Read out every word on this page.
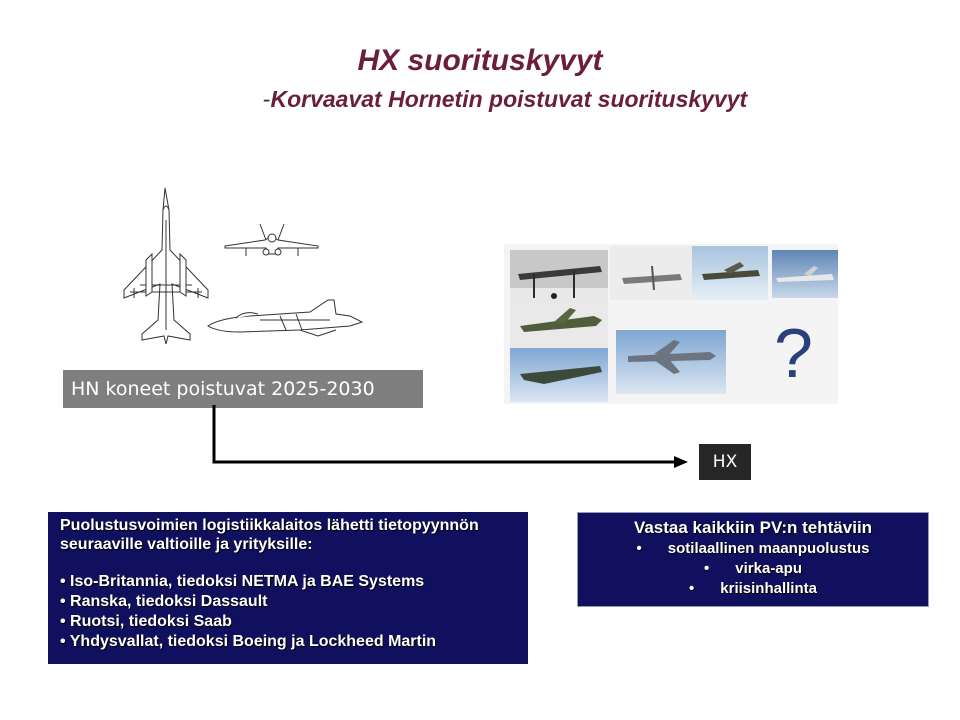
HX suorituskyvyt
-Korvaavat Hornetin poistuvat suorituskyvyt
?
HN koneet poistuvat 2025-2030
HX

Puolustusvoimien logistiikkalaitos lähetti tietopyynnön seuraaville valtioille ja yrityksille:

• Iso-Britannia, tiedoksi NETMA ja BAE Systems
• Ranska, tiedoksi Dassault
• Ruotsi, tiedoksi Saab
• Yhdysvallat, tiedoksi Boeing ja Lockheed Martin
Vastaa kaikkiin PV:n tehtäviin
• sotilaallinen maanpuolustus
• virka-apu
• kriisinhallinta
